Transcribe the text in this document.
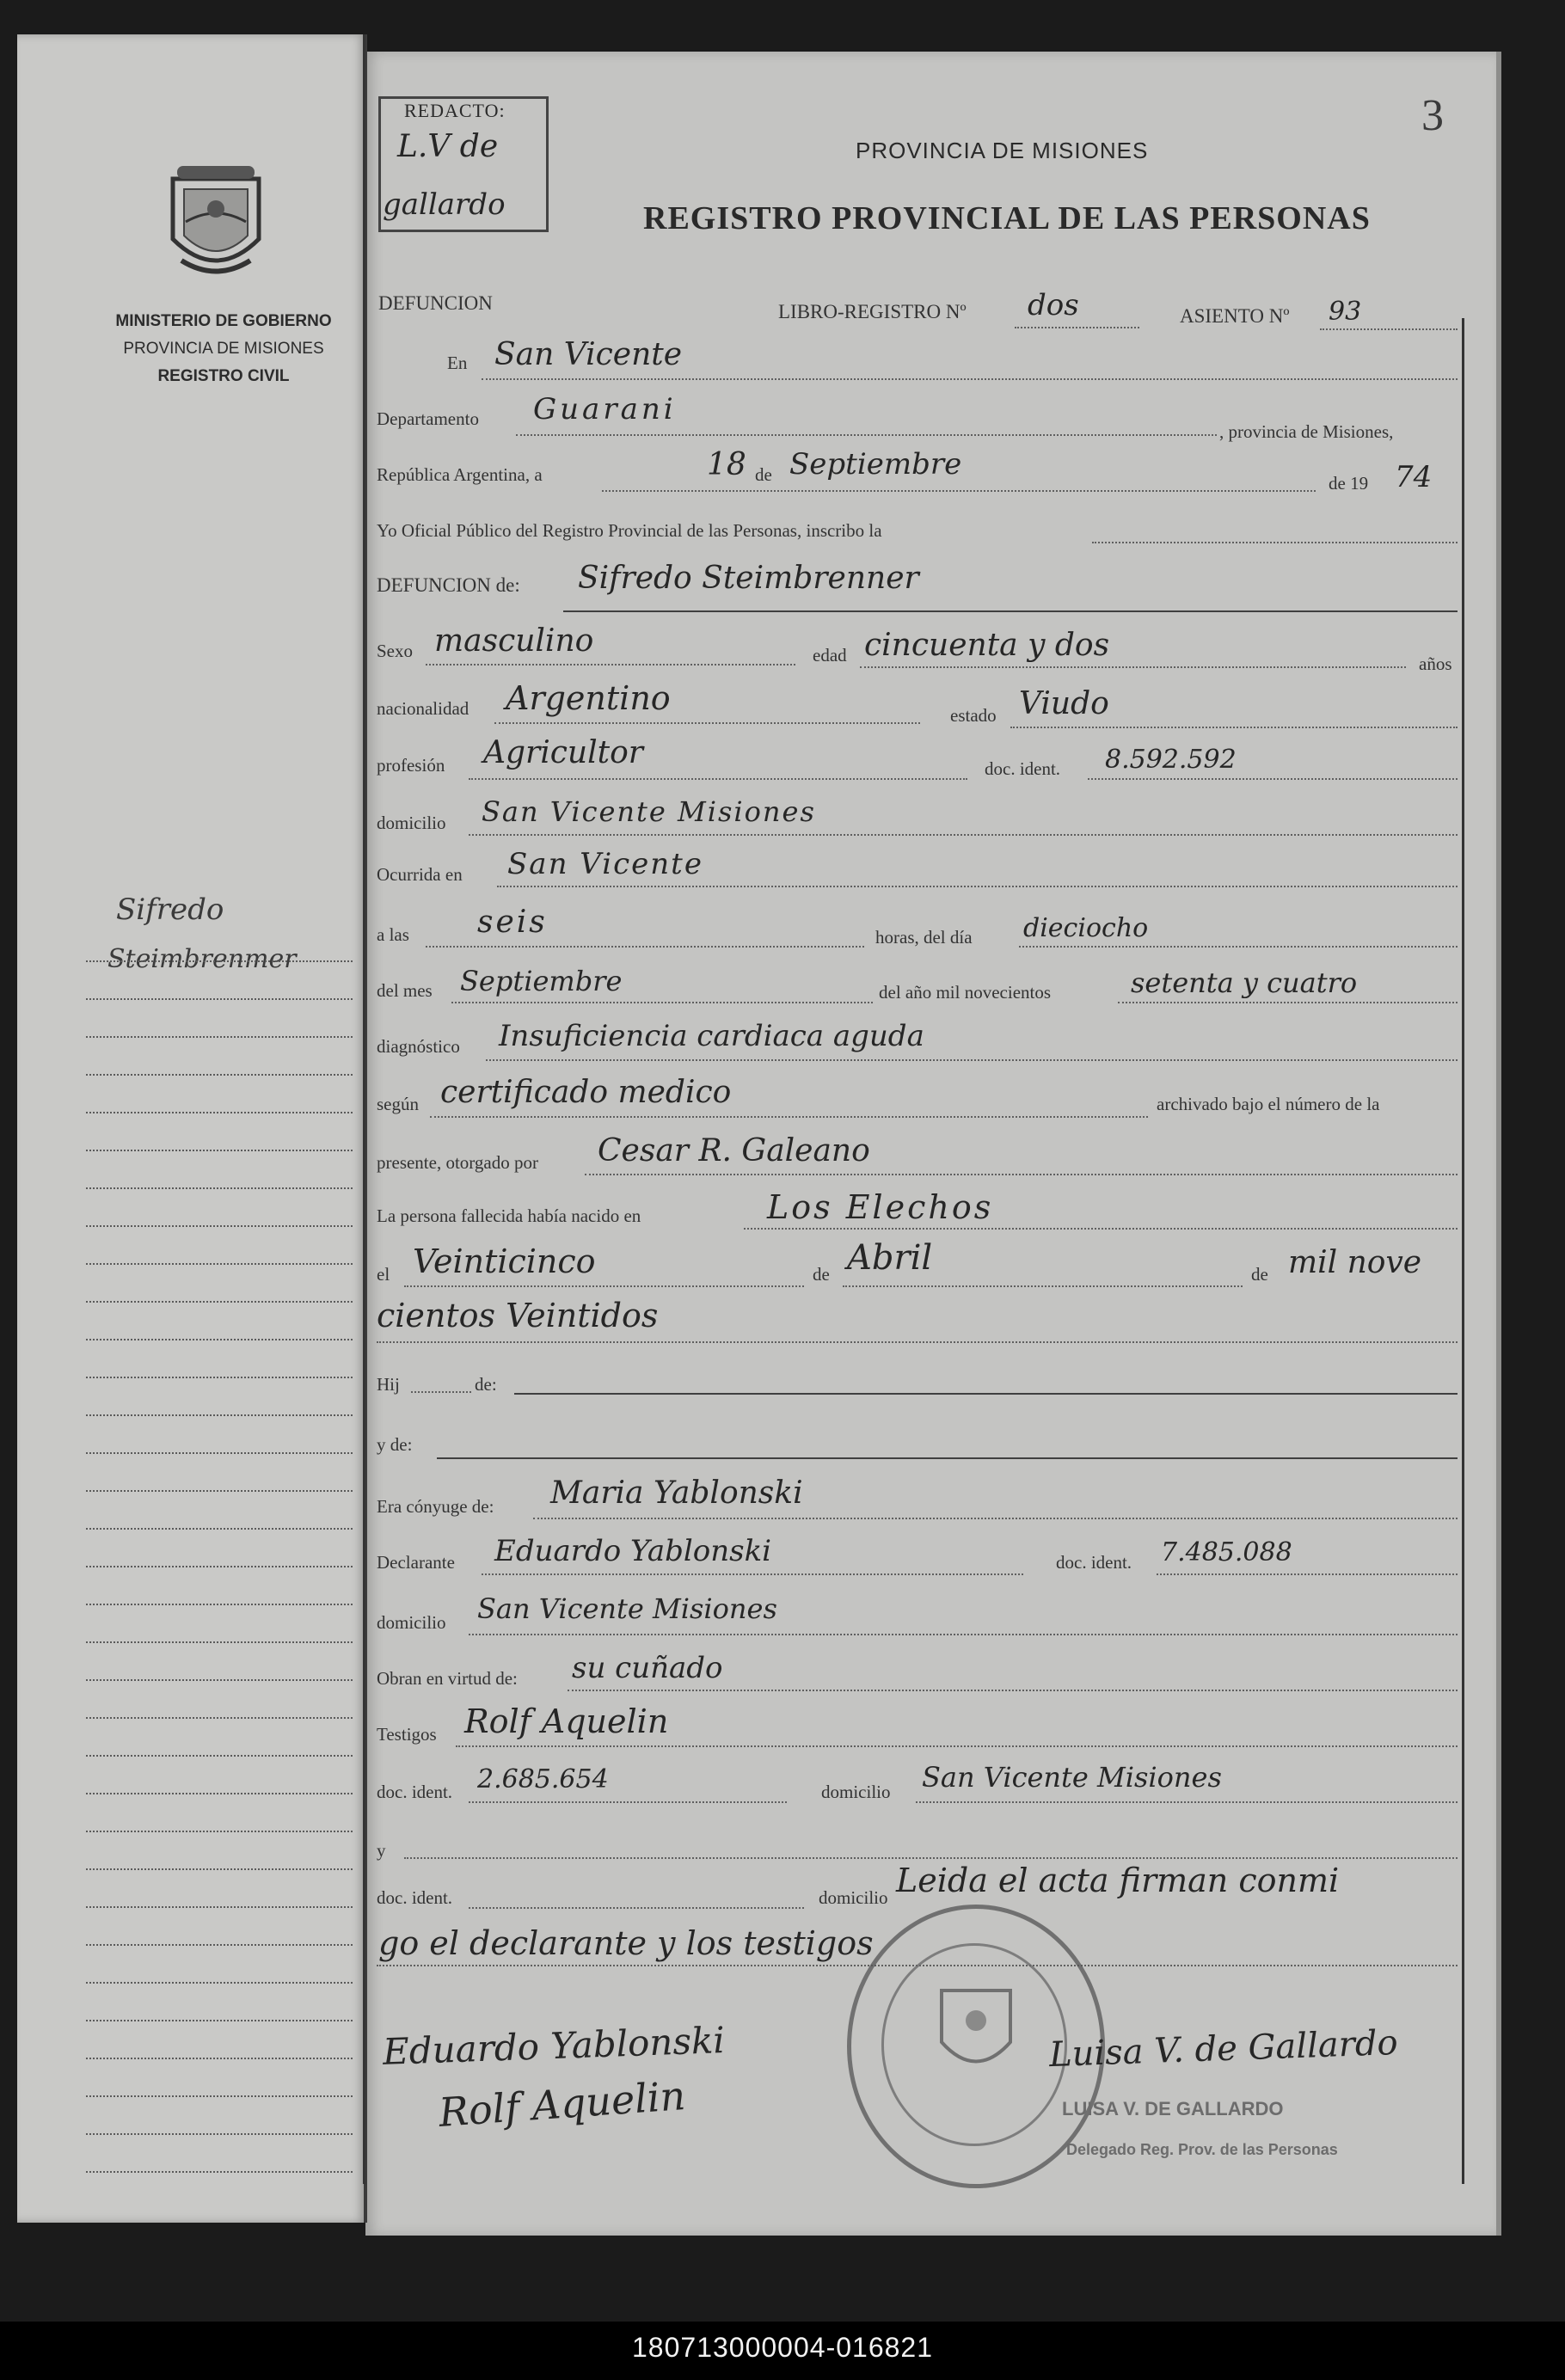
MINISTERIO DE GOBIERNO
PROVINCIA DE MISIONES
REGISTRO CIVIL
Sifredo
Steimbrenmer
REDACTO:
L.V de
gallardo
3
PROVINCIA DE MISIONES
REGISTRO PROVINCIAL DE LAS PERSONAS
DEFUNCION	LIBRO-REGISTRO Nº dos	ASIENTO Nº 93
En San Vicente
Departamento Guarani
, provincia de Misiones,
República Argentina, a	18 de Septiembre
de 19 74
Yo Oficial Público del Registro Provincial de las Personas, inscribo la
DEFUNCION de: Sifredo Steimbrenner
Sexo masculino	edad cincuenta y dos
años
nacionalidad Argentino	estado Viudo
profesión Agricultor	doc. ident. 8.592.592
domicilio San Vicente Misiones
Ocurrida en San Vicente
a las seis	horas, del día dieciocho
del mes Septiembre	del año mil novecientos	setenta y cuatro
diagnóstico Insuficiencia cardiaca aguda
según certificado medico	archivado bajo el número de la
presente, otorgado por Cesar R. Galeano
La persona fallecida había nacido en	Los Elechos
el Veinticinco	de Abril	de mil nove
cientos Veintidos
Hij	de:
y de:
Era cónyuge de: Maria Yablonski
Declarante Eduardo Yablonski	doc. ident. 7.485.088
domicilio San Vicente Misiones
Obran en virtud de: su cuñado
Testigos Rolf Aquelin
doc. ident. 2.685.654	domicilio San Vicente Misiones
y
doc. ident.	domicilio Leida el acta firman conmi
go el declarante y los testigos
LUISA V. DE GALLARDO
Delegado Reg. Prov. de las Personas
Eduardo Yablonski
Rolf Aquelin
Luisa V. de Gallardo
180713000004-016821
